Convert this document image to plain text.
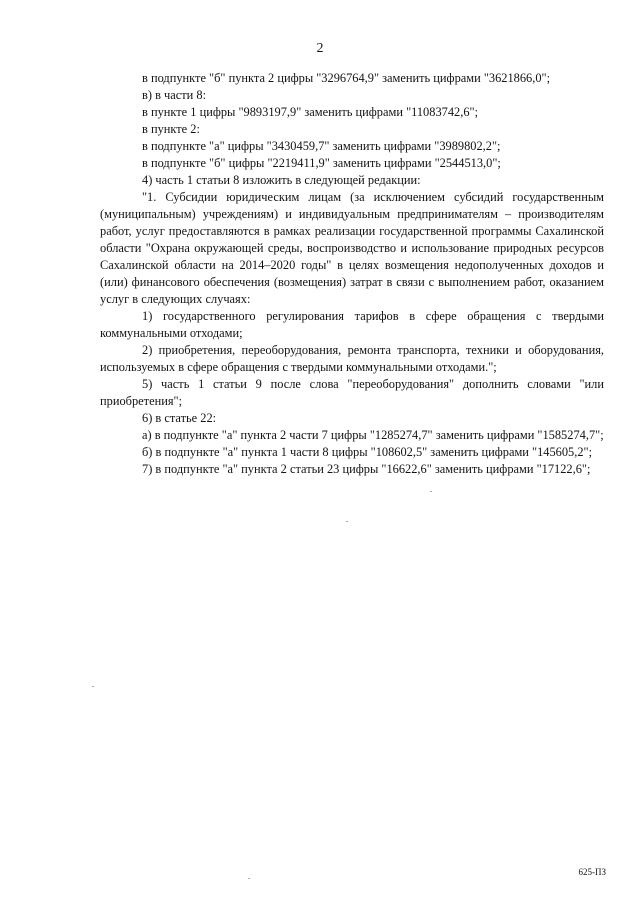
2

в подпункте "б" пункта 2 цифры "3296764,9" заменить цифрами "3621866,0";

в) в части 8:

в пункте 1 цифры "9893197,9" заменить цифрами "11083742,6";

в пункте 2:

в подпункте "а" цифры "3430459,7" заменить цифрами "3989802,2";

в подпункте "б" цифры "2219411,9" заменить цифрами "2544513,0";

4) часть 1 статьи 8 изложить в следующей редакции:

"1. Субсидии юридическим лицам (за исключением субсидий государственным (муниципальным) учреждениям) и индивидуальным предпринимателям – производителям работ, услуг предоставляются в рамках реализации государственной программы Сахалинской области "Охрана окружающей среды, воспроизводство и использование природных ресурсов Сахалинской области на 2014–2020 годы" в целях возмещения недополученных доходов и (или) финансового обеспечения (возмещения) затрат в связи с выполнением работ, оказанием услуг в следующих случаях:

1) государственного регулирования тарифов в сфере обращения с твердыми коммунальными отходами;

2) приобретения, переоборудования, ремонта транспорта, техники и оборудования, используемых в сфере обращения с твердыми коммунальными отходами.";

5) часть 1 статьи 9 после слова "переоборудования" дополнить словами "или приобретения";

6) в статье 22:

а) в подпункте "а" пункта 2 части 7 цифры "1285274,7" заменить цифрами "1585274,7";

б) в подпункте "а" пункта 1 части 8 цифры "108602,5" заменить цифрами "145605,2";

7) в подпункте "а" пункта 2 статьи 23 цифры "16622,6" заменить цифрами "17122,6";

625-ПЗ
